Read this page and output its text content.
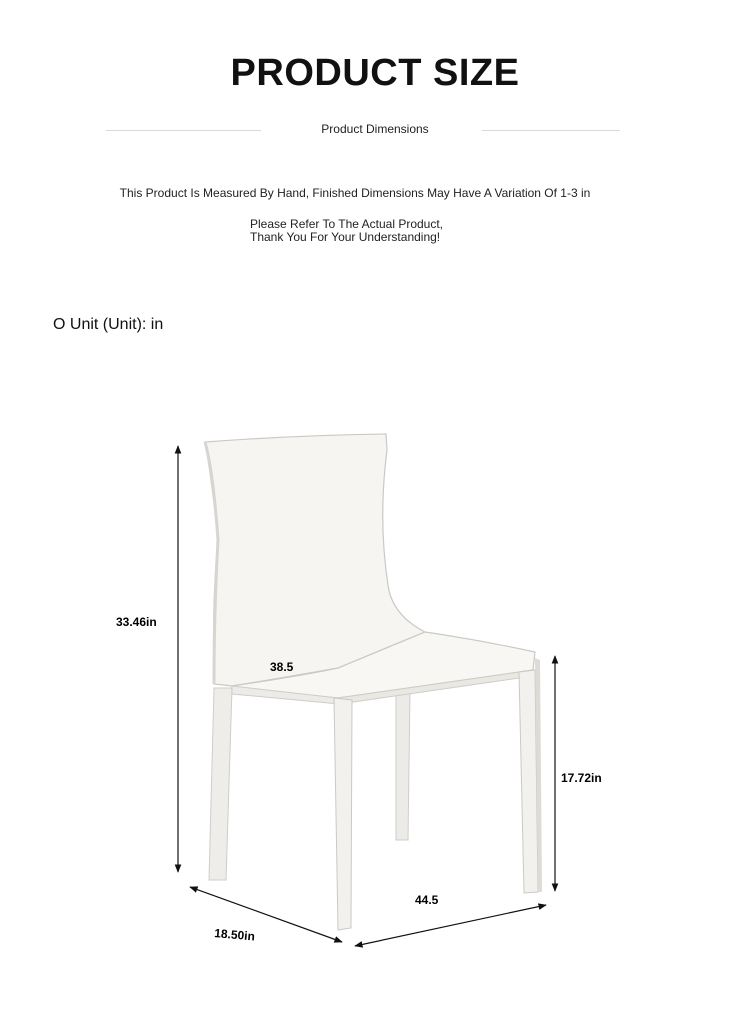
PRODUCT SIZE
Product Dimensions
This Product Is Measured By Hand, Finished Dimensions May Have A Variation Of 1-3 in
Please Refer To The Actual Product,
Thank You For Your Understanding!
O Unit (Unit): in
33.46in
38.5
17.72in
44.5
18.50in
